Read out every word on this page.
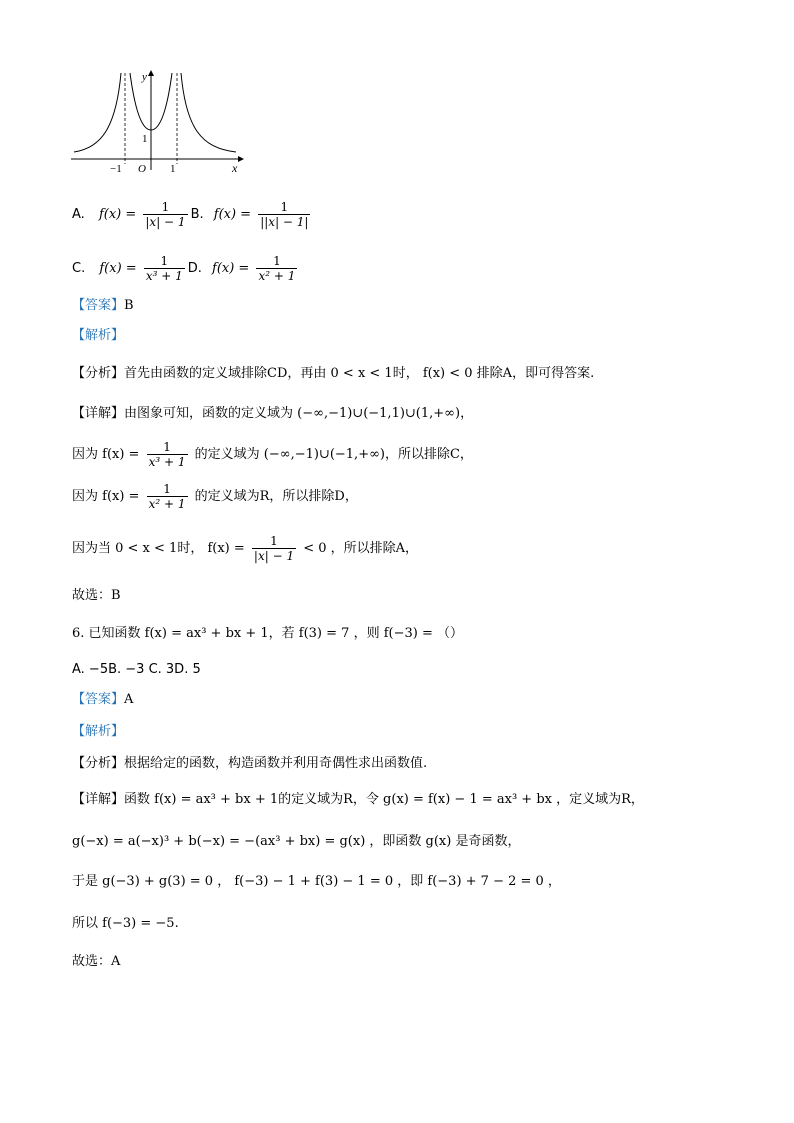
y
x
O
−1	1
1
A. $f(x) = \frac{1}{|x| - 1} B$. $f(x) = \frac{1}{||x| - 1|}$
C. $f(x) = \frac{1}{\text{x³ + 1}} D$. $f(x) = \frac{1}{\text{x² + 1}}$
【答案】B
【解析】
【分析】首先由函数的定义域排除CD，再由 0 < x < 1时， f(x) < 0 排除A，即可得答案.
【详解】由图象可知，函数的定义域为 (−∞,−1)∪(−1,1)∪(1,+∞)，
因为 $f(x) = \frac{1}{\text{x³ + 1}}$ 的定义域为 (−∞,−1)∪(−1,+∞)，所以排除C，
因为 $f(x) = \frac{1}{\text{x² + 1}}$ 的定义域为R，所以排除D，
因为当 0 < x < 1时， $f(x) = \frac{1}{|x| - 1} < 0$ ，所以排除A，
故选：B
6. 已知函数 f(x) = ax³ + bx + 1，若 f(3) = 7 ，则 f(−3) = （）
A. −5B. −3 C. 3D. 5
【答案】A
【解析】
【分析】根据给定的函数，构造函数并利用奇偶性求出函数值.
【详解】函数 f(x) = ax³ + bx + 1的定义域为R，令 g(x) = f(x) − 1 = ax³ + bx ，定义域为R，
g(−x) = a(−x)³ + b(−x) = −(ax³ + bx) = g(x) ，即函数 g(x) 是奇函数，
于是 g(−3) + g(3) = 0 ， f(−3) − 1 + f(3) − 1 = 0 ，即 f(−3) + 7 − 2 = 0 ，
所以 f(−3) = −5.
故选：A
